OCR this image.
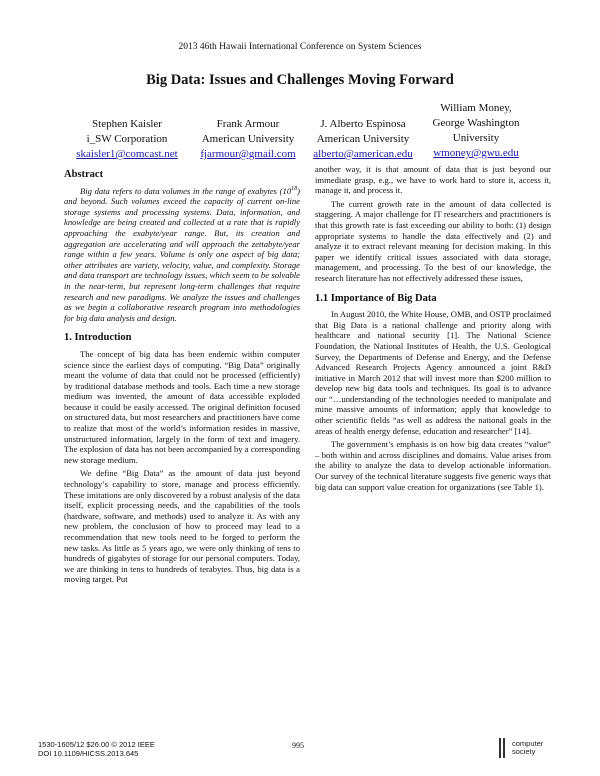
2013 46th Hawaii International Conference on System Sciences
Big Data: Issues and Challenges Moving Forward
Stephen Kaisler
i_SW Corporation
skaisler1@comcast.net
Frank Armour
American University
fjarmour@gmail.com
J. Alberto Espinosa
American University
alberto@american.edu
William Money,
George Washington
University
wmoney@gwu.edu
Abstract

Big data refers to data volumes in the range of exabytes $(10^{18})$ and beyond. Such volumes exceed the capacity of current on-line storage systems and processing systems. Data, information, and knowledge are being created and collected at a rate that is rapidly approaching the exabyte/year range. But, its creation and aggregation are accelerating and will approach the zettabyte/year range within a few years. Volume is only one aspect of big data; other attributes are variety, velocity, value, and complexity. Storage and data transport are technology issues, which seem to be solvable in the near-term, but represent long-term challenges that require research and new paradigms. We analyze the issues and challenges as we begin a collaborative research program into methodologies for big data analysis and design.

1. Introduction

The concept of big data has been endemic within computer science since the earliest days of computing. “Big Data” originally meant the volume of data that could not be processed (efficiently) by traditional database methods and tools. Each time a new storage medium was invented, the amount of data accessible exploded because it could be easily accessed. The original definition focused on structured data, but most researchers and practitioners have come to realize that most of the world’s information resides in massive, unstructured information, largely in the form of text and imagery. The explosion of data has not been accompanied by a corresponding new storage medium.

We define “Big Data” as the amount of data just beyond technology’s capability to store, manage and process efficiently. These imitations are only discovered by a robust analysis of the data itself, explicit processing needs, and the capabilities of the tools (hardware, software, and methods) used to analyze it. As with any new problem, the conclusion of how to proceed may lead to a recommendation that new tools need to be forged to perform the new tasks. As little as 5 years ago, we were only thinking of tens to hundreds of gigabytes of storage for our personal computers. Today, we are thinking in tens to hundreds of terabytes. Thus, big data is a moving target. Put

another way, it is that amount of data that is just beyond our immediate grasp, e.g., we have to work hard to store it, access it, manage it, and process it.

The current growth rate in the amount of data collected is staggering. A major challenge for IT researchers and practitioners is that this growth rate is fast exceeding our ability to both: (1) design appropriate systems to handle the data effectively and (2) and analyze it to extract relevant meaning for decision making. In this paper we identify critical issues associated with data storage, management, and processing. To the best of our knowledge, the research literature has not effectively addressed these issues,

1.1 Importance of Big Data

In August 2010, the White House, OMB, and OSTP proclaimed that Big Data is a national challenge and priority along with healthcare and national security [1]. The National Science Foundation, the National Institutes of Health, the U.S. Geological Survey, the Departments of Defense and Energy, and the Defense Advanced Research Projects Agency announced a joint R&D initiative in March 2012 that will invest more than $200 million to develop new big data tools and techniques. Its goal is to advance our “…understanding of the technologies needed to manipulate and mine massive amounts of information; apply that knowledge to other scientific fields “as well as address the national goals in the areas of health energy defense, education and researcher” [14].

The government’s emphasis is on how big data creates “value” – both within and across disciplines and domains. Value arises from the ability to analyze the data to develop actionable information. Our survey of the technical literature suggests five generic ways that big data can support value creation for organizations (see Table 1).

1530-1605/12 $26.00 © 2012 IEEE
DOI 10.1109/HICSS.2013.645
995	computer
society
